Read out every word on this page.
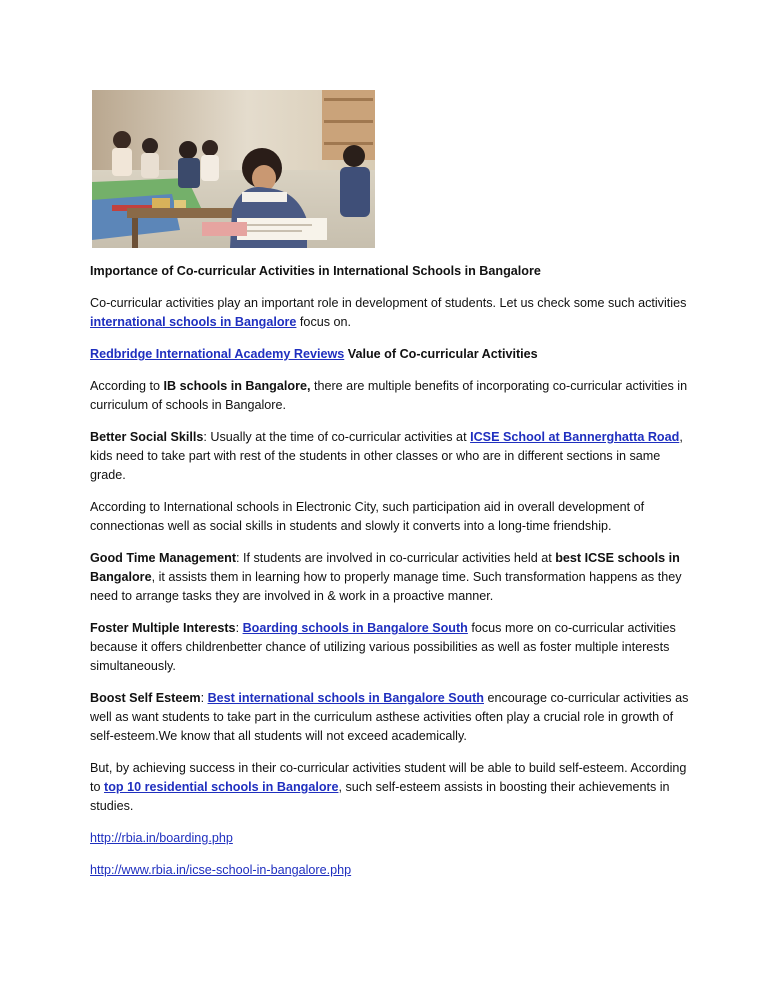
Importance of Co-curricular Activities in International Schools in Bangalore

Co-curricular activities play an important role in development of students. Let us check some such activities international schools in Bangalore focus on.

Redbridge International Academy Reviews Value of Co-curricular Activities

According to IB schools in Bangalore, there are multiple benefits of incorporating co-curricular activities in curriculum of schools in Bangalore.

Better Social Skills: Usually at the time of co-curricular activities at ICSE School at Bannerghatta Road, kids need to take part with rest of the students in other classes or who are in different sections in same grade.

According to International schools in Electronic City, such participation aid in overall development of connectionas well as social skills in students and slowly it converts into a long-time friendship.

Good Time Management: If students are involved in co-curricular activities held at best ICSE schools in Bangalore, it assists them in learning how to properly manage time. Such transformation happens as they need to arrange tasks they are involved in & work in a proactive manner.

Foster Multiple Interests: Boarding schools in Bangalore South focus more on co-curricular activities because it offers childrenbetter chance of utilizing various possibilities as well as foster multiple interests simultaneously.

Boost Self Esteem: Best international schools in Bangalore South encourage co-curricular activities as well as want students to take part in the curriculum asthese activities often play a crucial role in growth of self-esteem.We know that all students will not exceed academically.

But, by achieving success in their co-curricular activities student will be able to build self-esteem. According to top 10 residential schools in Bangalore, such self-esteem assists in boosting their achievements in studies.

http://rbia.in/boarding.php

http://www.rbia.in/icse-school-in-bangalore.php
